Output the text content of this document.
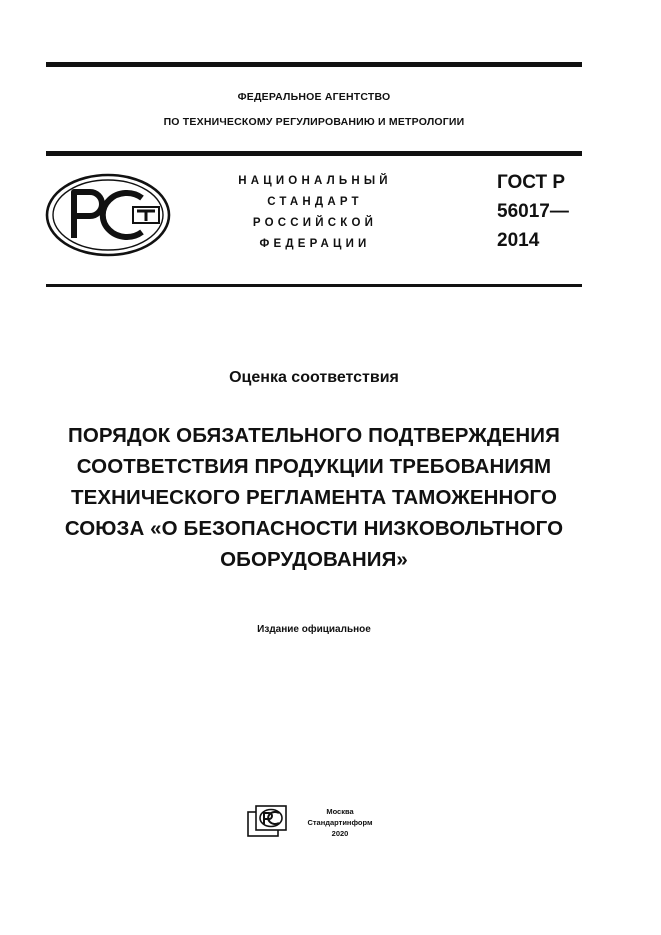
ФЕДЕРАЛЬНОЕ АГЕНТСТВО
ПО ТЕХНИЧЕСКОМУ РЕГУЛИРОВАНИЮ И МЕТРОЛОГИИ
НАЦИОНАЛЬНЫЙ
СТАНДАРТ
РОССИЙСКОЙ
ФЕДЕРАЦИИ
ГОСТ Р
56017—
2014
Оценка соответствия
ПОРЯДОК ОБЯЗАТЕЛЬНОГО ПОДТВЕРЖДЕНИЯ
СООТВЕТСТВИЯ ПРОДУКЦИИ ТРЕБОВАНИЯМ
ТЕХНИЧЕСКОГО РЕГЛАМЕНТА ТАМОЖЕННОГО
СОЮЗА «О БЕЗОПАСНОСТИ НИЗКОВОЛЬТНОГО
ОБОРУДОВАНИЯ»
Издание официальное
Москва
Стандартинформ
2020
